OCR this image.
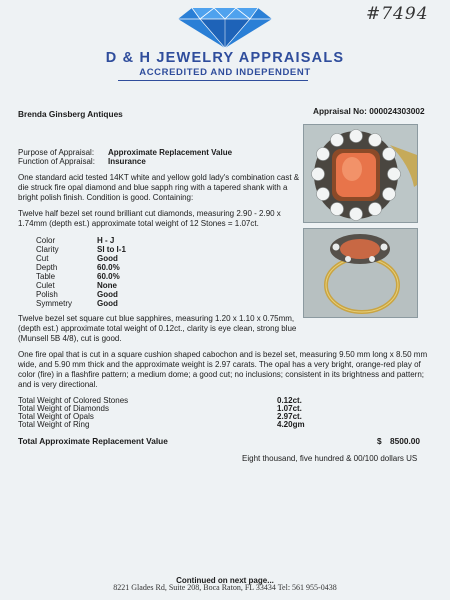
#7494
D & H JEWELRY APPRAISALS
ACCREDITED AND INDEPENDENT
Brenda Ginsberg Antiques	Appraisal No: 000024303002
Purpose of Appraisal: Approximate Replacement Value
Function of Appraisal: Insurance
One standard acid tested 14KT white and yellow gold lady's combination cast & die struck fire opal diamond and blue sapph ring with a tapered shank with a bright polish finish. Condition is good. Containing:
Twelve half bezel set round brilliant cut diamonds, measuring 2.90 - 2.90 x 1.74mm (depth est.) approximate total weight of 12 Stones = 1.07ct.
Color	H - J
Clarity	SI to I-1
Cut	Good
Depth	60.0%
Table	60.0%
Culet	None
Polish	Good
Symmetry	Good
Twelve bezel set square cut blue sapphires, measuring 1.20 x 1.10 x 0.75mm, (depth est.) approximate total weight of 0.12ct., clarity is eye clean, strong blue (Munsell 5B 4/8), cut is good.
One fire opal that is cut in a square cushion shaped cabochon and is bezel set, measuring 9.50 mm long x 8.50 mm wide, and 5.90 mm thick and the approximate weight is 2.97 carats. The opal has a very bright, orange-red play of color (fire) in a flashfire pattern; a medium dome; a good cut; no inclusions; consistent in its brightness and pattern; and is very directional.
Total Weight of Colored Stones	0.12ct.
Total Weight of Diamonds	1.07ct.
Total Weight of Opals	2.97ct.
Total Weight of Ring	4.20gm
Total Approximate Replacement Value	$ 8500.00
Eight thousand, five hundred & 00/100 dollars US
Continued on next page...
8221 Glades Rd, Suite 208, Boca Raton, FL 33434 Tel: 561 955-0438
